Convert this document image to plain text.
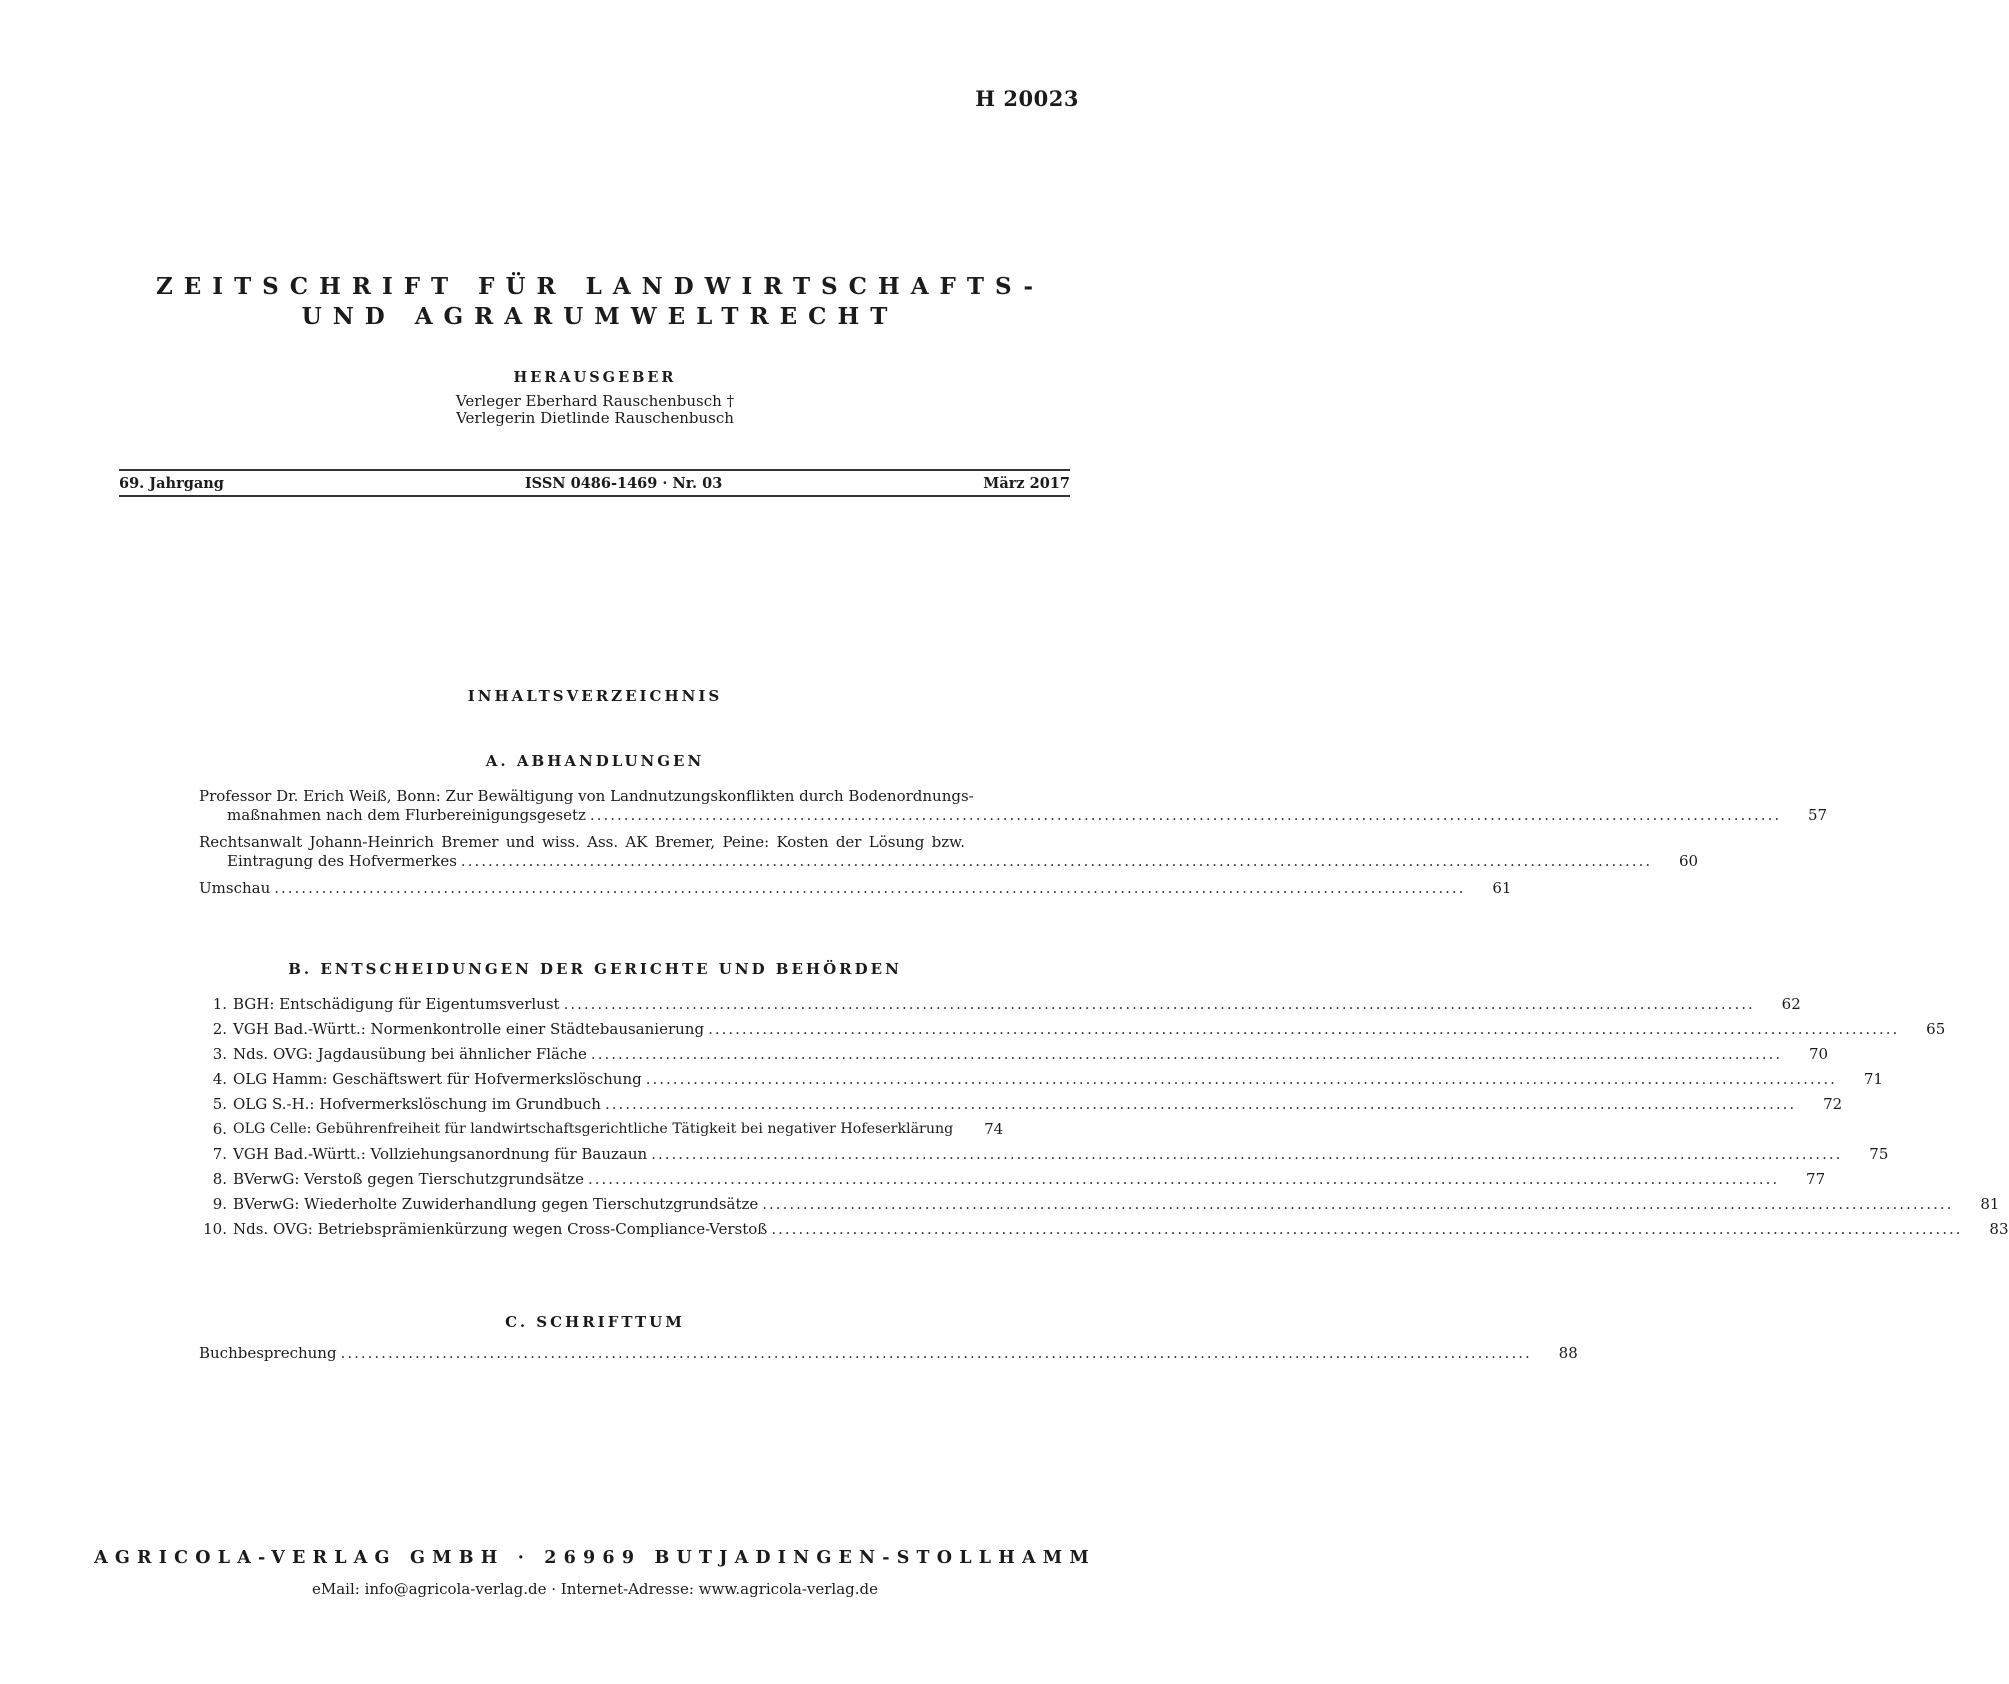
H 20023
ZEITSCHRIFT FÜR LANDWIRTSCHAFTS-
UND AGRARUMWELTRECHT
HERAUSGEBER
Verleger Eberhard Rauschenbusch †
Verlegerin Dietlinde Rauschenbusch
69. Jahrgang	ISSN 0486-1469 · Nr. 03	März 2017
INHALTSVERZEICHNIS
A. ABHANDLUNGEN
Professor Dr. Erich Weiß, Bonn: Zur Bewältigung von Landnutzungskonflikten durch Bodenordnungs-
maßnahmen nach dem Flurbereinigungsgesetz ................................................................................................................................................................................	57
Rechtsanwalt Johann-Heinrich Bremer und wiss. Ass. AK Bremer, Peine: Kosten der Lösung bzw.
Eintragung des Hofvermerkes ................................................................................................................................................................................	60
Umschau ................................................................................................................................................................................	61
B. ENTSCHEIDUNGEN DER GERICHTE UND BEHÖRDEN
1. BGH: Entschädigung für Eigentumsverlust ................................................................................................................................................................................	62
2. VGH Bad.-Württ.: Normenkontrolle einer Städtebausanierung ................................................................................................................................................................................	65
3. Nds. OVG: Jagdausübung bei ähnlicher Fläche ................................................................................................................................................................................	70
4. OLG Hamm: Geschäftswert für Hofvermerkslöschung ................................................................................................................................................................................	71
5. OLG S.-H.: Hofvermerkslöschung im Grundbuch ................................................................................................................................................................................	72
6. OLG Celle: Gebührenfreiheit für landwirtschaftsgerichtliche Tätigkeit bei negativer Hofeserklärung	74
7. VGH Bad.-Württ.: Vollziehungsanordnung für Bauzaun ................................................................................................................................................................................	75
8. BVerwG: Verstoß gegen Tierschutzgrundsätze ................................................................................................................................................................................	77
9. BVerwG: Wiederholte Zuwiderhandlung gegen Tierschutzgrundsätze ................................................................................................................................................................................	81
10. Nds. OVG: Betriebsprämienkürzung wegen Cross-Compliance-Verstoß ................................................................................................................................................................................	83
C. SCHRIFTTUM
Buchbesprechung ................................................................................................................................................................................	88
AGRICOLA-VERLAG GMBH · 26969 BUTJADINGEN-STOLLHAMM
eMail: info@agricola-verlag.de · Internet-Adresse: www.agricola-verlag.de
